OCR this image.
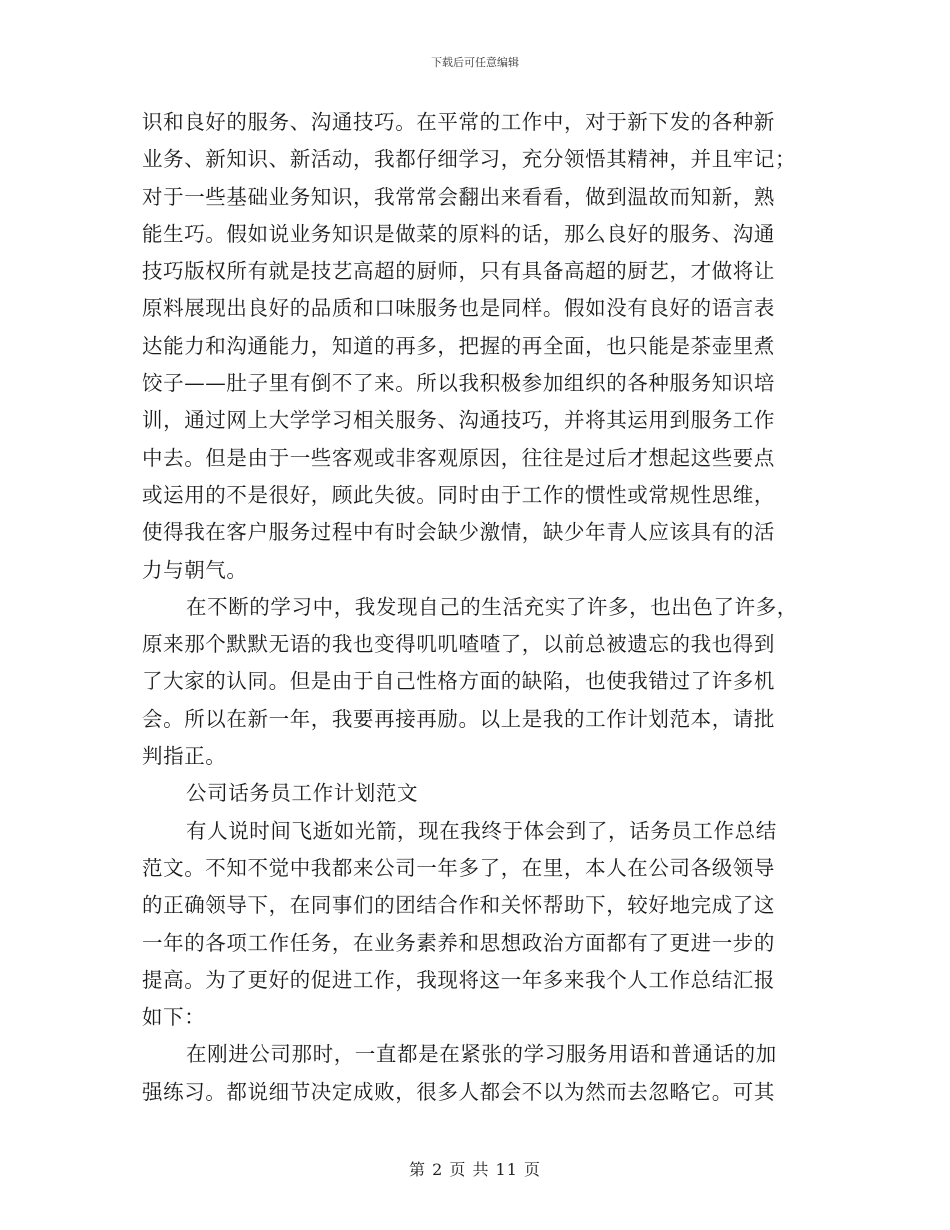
下载后可任意编辑
识和良好的服务、沟通技巧。在平常的工作中，对于新下发的各种新
业务、新知识、新活动，我都仔细学习，充分领悟其精神，并且牢记；
对于一些基础业务知识，我常常会翻出来看看，做到温故而知新，熟
能生巧。假如说业务知识是做菜的原料的话，那么良好的服务、沟通
技巧版权所有就是技艺高超的厨师，只有具备高超的厨艺，才做将让
原料展现出良好的品质和口味服务也是同样。假如没有良好的语言表
达能力和沟通能力，知道的再多，把握的再全面，也只能是茶壶里煮
饺子——肚子里有倒不了来。所以我积极参加组织的各种服务知识培
训，通过网上大学学习相关服务、沟通技巧，并将其运用到服务工作
中去。但是由于一些客观或非客观原因，往往是过后才想起这些要点
或运用的不是很好，顾此失彼。同时由于工作的惯性或常规性思维，
使得我在客户服务过程中有时会缺少激情，缺少年青人应该具有的活
力与朝气。
在不断的学习中，我发现自己的生活充实了许多，也出色了许多，
原来那个默默无语的我也变得叽叽喳喳了，以前总被遗忘的我也得到
了大家的认同。但是由于自己性格方面的缺陷，也使我错过了许多机
会。所以在新一年，我要再接再励。以上是我的工作计划范本，请批
判指正。
公司话务员工作计划范文
有人说时间飞逝如光箭，现在我终于体会到了，话务员工作总结
范文。不知不觉中我都来公司一年多了，在里，本人在公司各级领导
的正确领导下，在同事们的团结合作和关怀帮助下，较好地完成了这
一年的各项工作任务，在业务素养和思想政治方面都有了更进一步的
提高。为了更好的促进工作，我现将这一年多来我个人工作总结汇报
如下：
在刚进公司那时，一直都是在紧张的学习服务用语和普通话的加
强练习。都说细节决定成败，很多人都会不以为然而去忽略它。可其
第 2 页 共 11 页
